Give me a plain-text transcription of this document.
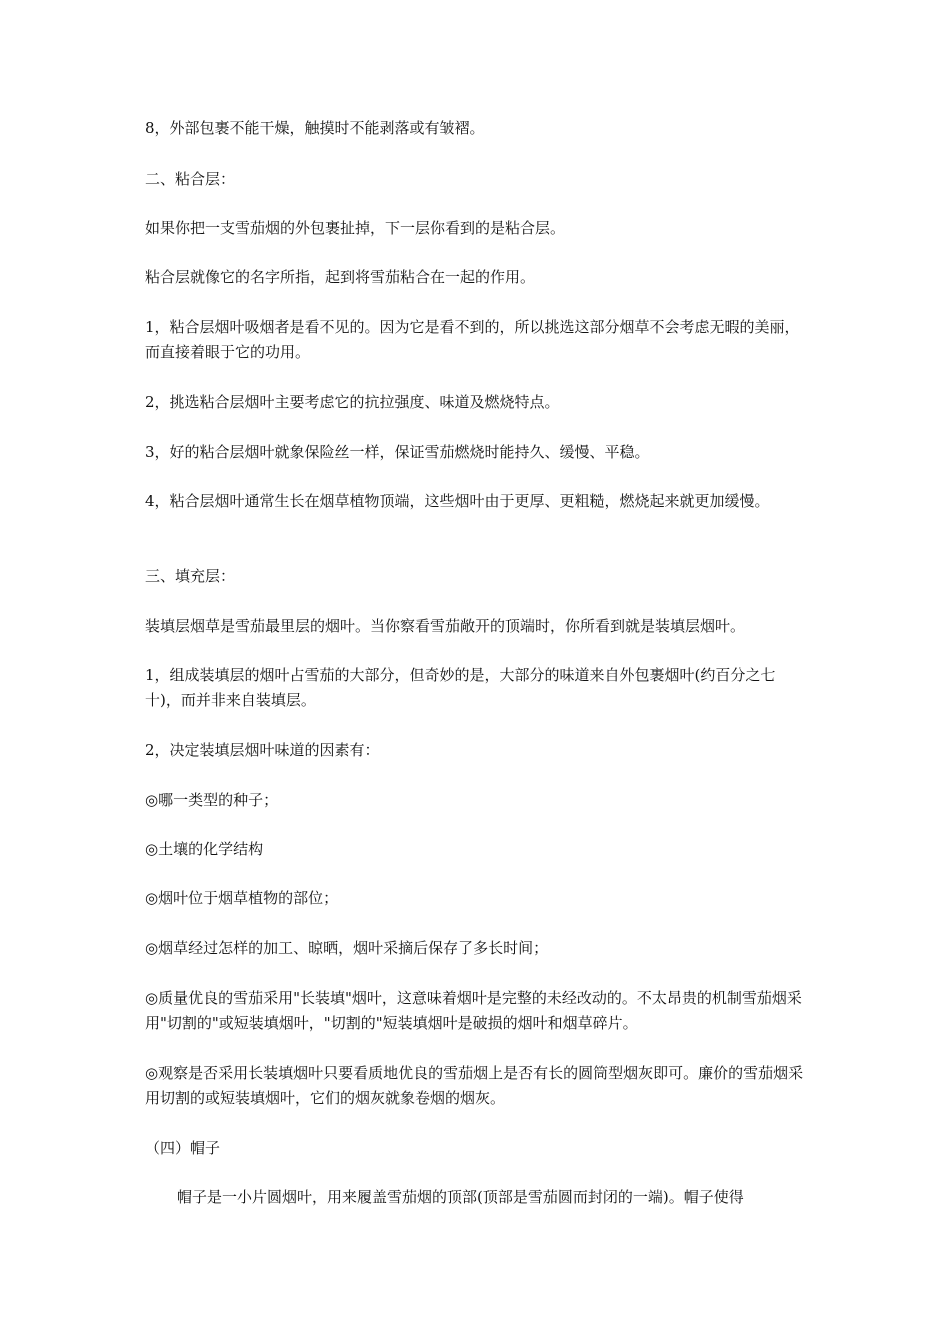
8，外部包裹不能干燥，触摸时不能剥落或有皱褶。

二、粘合层：

如果你把一支雪茄烟的外包裹扯掉，下一层你看到的是粘合层。

粘合层就像它的名字所指，起到将雪茄粘合在一起的作用。

1，粘合层烟叶吸烟者是看不见的。因为它是看不到的，所以挑选这部分烟草不会考虑无暇的美丽，而直接着眼于它的功用。

2，挑选粘合层烟叶主要考虑它的抗拉强度、味道及燃烧特点。

3，好的粘合层烟叶就象保险丝一样，保证雪茄燃烧时能持久、缓慢、平稳。

4，粘合层烟叶通常生长在烟草植物顶端，这些烟叶由于更厚、更粗糙，燃烧起来就更加缓慢。

三、填充层：

装填层烟草是雪茄最里层的烟叶。当你察看雪茄敞开的顶端时，你所看到就是装填层烟叶。

1，组成装填层的烟叶占雪茄的大部分，但奇妙的是，大部分的味道来自外包裹烟叶(约百分之七十)，而并非来自装填层。

2，决定装填层烟叶味道的因素有：

◎哪一类型的种子；

◎土壤的化学结构

◎烟叶位于烟草植物的部位；

◎烟草经过怎样的加工、晾晒，烟叶采摘后保存了多长时间；

◎质量优良的雪茄采用"长装填"烟叶，这意味着烟叶是完整的未经改动的。不太昂贵的机制雪茄烟采用"切割的"或短装填烟叶，"切割的"短装填烟叶是破损的烟叶和烟草碎片。

◎观察是否采用长装填烟叶只要看质地优良的雪茄烟上是否有长的圆筒型烟灰即可。廉价的雪茄烟采用切割的或短装填烟叶，它们的烟灰就象卷烟的烟灰。

（四）帽子

帽子是一小片圆烟叶，用来履盖雪茄烟的顶部(顶部是雪茄圆而封闭的一端)。帽子使得
